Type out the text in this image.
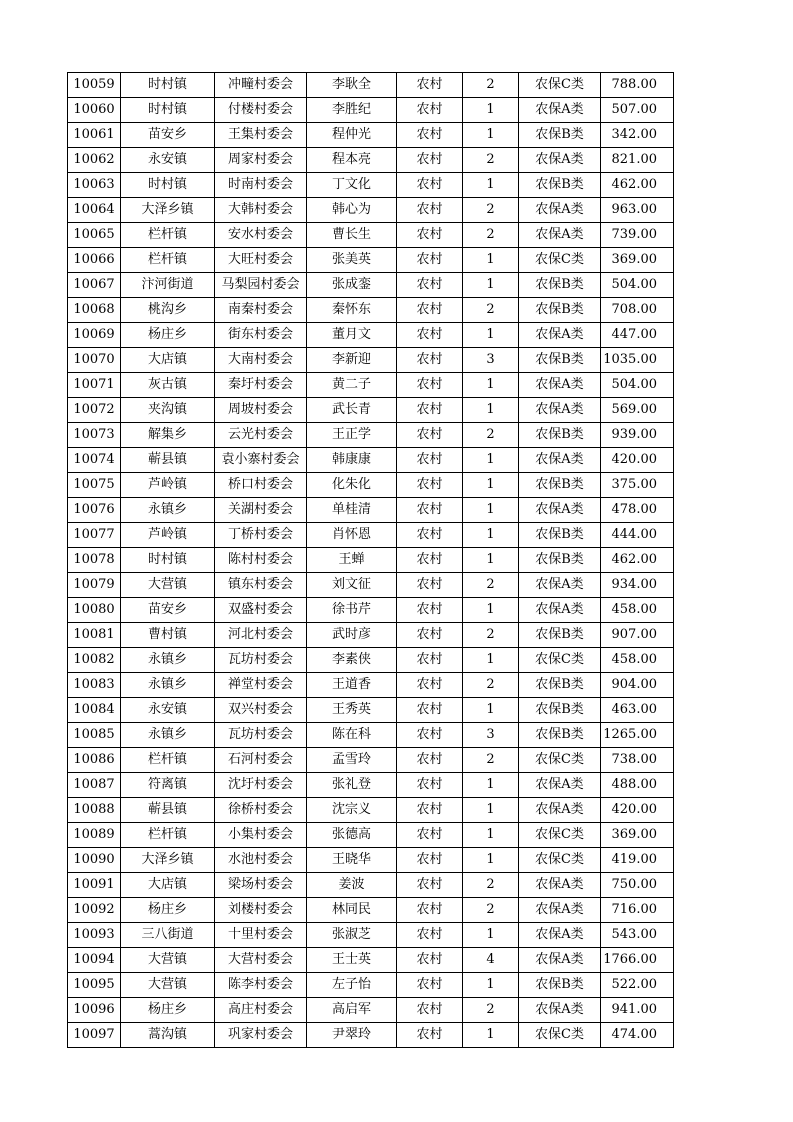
10059	时村镇	冲疃村委会	李耿全	农村	2	农保C类	788.00
10060	时村镇	付楼村委会	李胜纪	农村	1	农保A类	507.00
10061	苗安乡	王集村委会	程仲光	农村	1	农保B类	342.00
10062	永安镇	周家村委会	程本亮	农村	2	农保A类	821.00
10063	时村镇	时南村委会	丁文化	农村	1	农保B类	462.00
10064	大泽乡镇	大韩村委会	韩心为	农村	2	农保A类	963.00
10065	栏杆镇	安水村委会	曹长生	农村	2	农保A类	739.00
10066	栏杆镇	大旺村委会	张美英	农村	1	农保C类	369.00
10067	汴河街道	马梨园村委会	张成銮	农村	1	农保B类	504.00
10068	桃沟乡	南秦村委会	秦怀东	农村	2	农保B类	708.00
10069	杨庄乡	街东村委会	董月文	农村	1	农保A类	447.00
10070	大店镇	大南村委会	李新迎	农村	3	农保B类	1035.00
10071	灰古镇	秦圩村委会	黄二子	农村	1	农保A类	504.00
10072	夹沟镇	周坡村委会	武长青	农村	1	农保A类	569.00
10073	解集乡	云光村委会	王正学	农村	2	农保B类	939.00
10074	蕲县镇	袁小寨村委会	韩康康	农村	1	农保A类	420.00
10075	芦岭镇	桥口村委会	化朱化	农村	1	农保B类	375.00
10076	永镇乡	关湖村委会	单桂清	农村	1	农保A类	478.00
10077	芦岭镇	丁桥村委会	肖怀恩	农村	1	农保B类	444.00
10078	时村镇	陈村村委会	王蝉	农村	1	农保B类	462.00
10079	大营镇	镇东村委会	刘文征	农村	2	农保A类	934.00
10080	苗安乡	双盛村委会	徐书芹	农村	1	农保A类	458.00
10081	曹村镇	河北村委会	武时彦	农村	2	农保B类	907.00
10082	永镇乡	瓦坊村委会	李素侠	农村	1	农保C类	458.00
10083	永镇乡	禅堂村委会	王道香	农村	2	农保B类	904.00
10084	永安镇	双兴村委会	王秀英	农村	1	农保B类	463.00
10085	永镇乡	瓦坊村委会	陈在科	农村	3	农保B类	1265.00
10086	栏杆镇	石河村委会	孟雪玲	农村	2	农保C类	738.00
10087	符离镇	沈圩村委会	张礼登	农村	1	农保A类	488.00
10088	蕲县镇	徐桥村委会	沈宗义	农村	1	农保A类	420.00
10089	栏杆镇	小集村委会	张德高	农村	1	农保C类	369.00
10090	大泽乡镇	水池村委会	王晓华	农村	1	农保C类	419.00
10091	大店镇	梁场村委会	姜波	农村	2	农保A类	750.00
10092	杨庄乡	刘楼村委会	林同民	农村	2	农保A类	716.00
10093	三八街道	十里村委会	张淑芝	农村	1	农保A类	543.00
10094	大营镇	大营村委会	王士英	农村	4	农保A类	1766.00
10095	大营镇	陈李村委会	左子怡	农村	1	农保B类	522.00
10096	杨庄乡	高庄村委会	高启军	农村	2	农保A类	941.00
10097	蒿沟镇	巩家村委会	尹翠玲	农村	1	农保C类	474.00
